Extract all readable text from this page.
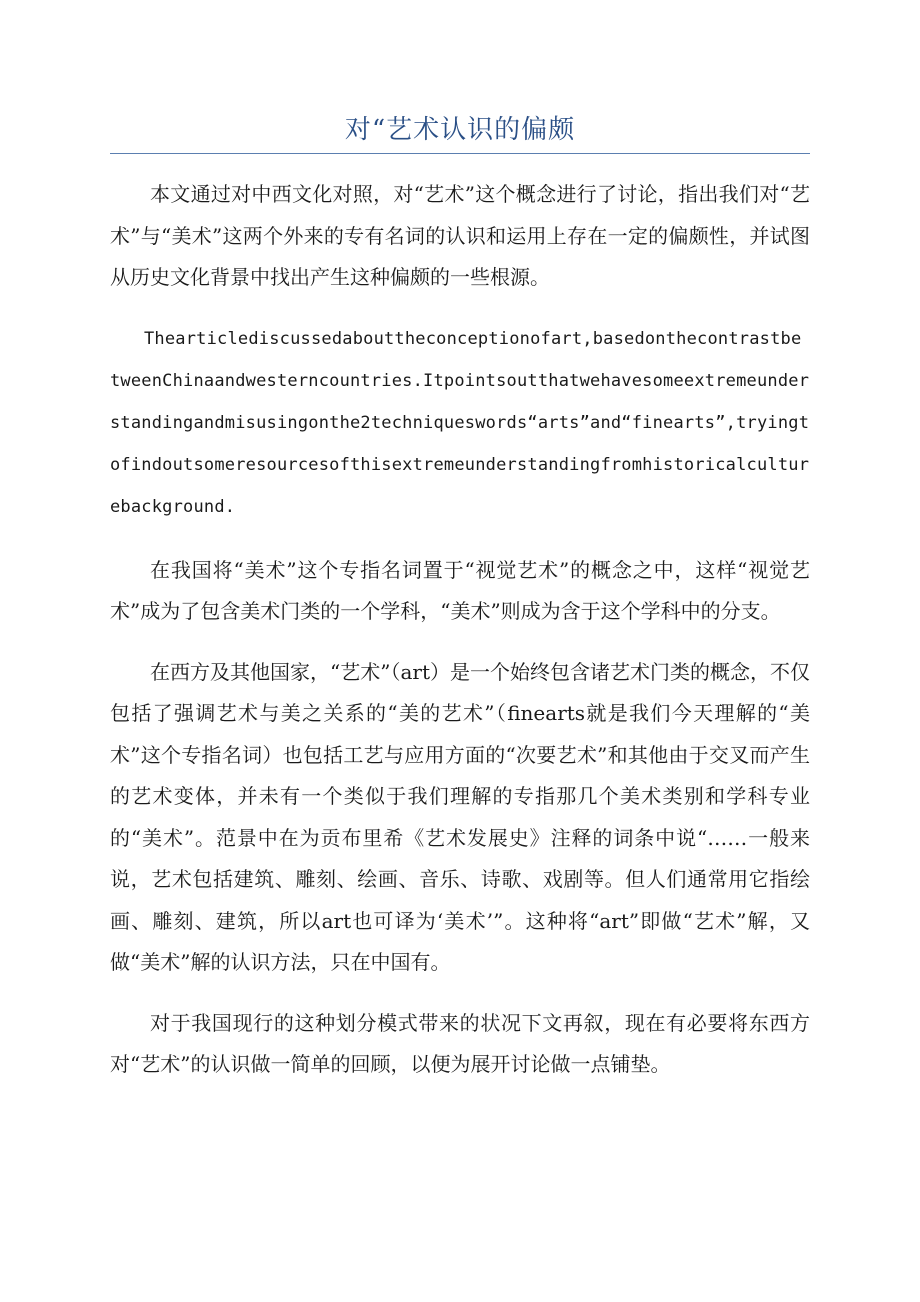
对“艺术认识的偏颇

本文通过对中西文化对照，对“艺术”这个概念进行了讨论，指出我们对“艺术”与“美术”这两个外来的专有名词的认识和运用上存在一定的偏颇性，并试图从历史文化背景中找出产生这种偏颇的一些根源。

Thearticlediscussedabouttheconceptionofart,basedonthecontrastbetweenChinaandwesterncountries.Itpointsoutthatwehavesomeextremeunderstandingandmisusingonthe2techniqueswords“arts”and“finearts”,tryingtofindoutsomeresourcesofthisextremeunderstandingfromhistoricalculturebackground.

在我国将“美术”这个专指名词置于“视觉艺术”的概念之中，这样“视觉艺术”成为了包含美术门类的一个学科，“美术”则成为含于这个学科中的分支。

在西方及其他国家，“艺术”（art）是一个始终包含诸艺术门类的概念，不仅包括了强调艺术与美之关系的“美的艺术”（finearts就是我们今天理解的“美术”这个专指名词）也包括工艺与应用方面的“次要艺术”和其他由于交叉而产生的艺术变体，并未有一个类似于我们理解的专指那几个美术类别和学科专业的“美术”。范景中在为贡布里希《艺术发展史》注释的词条中说“……一般来说，艺术包括建筑、雕刻、绘画、音乐、诗歌、戏剧等。但人们通常用它指绘画、雕刻、建筑，所以art也可译为‘美术’”。这种将“art”即做“艺术”解，又做“美术”解的认识方法，只在中国有。

对于我国现行的这种划分模式带来的状况下文再叙，现在有必要将东西方对“艺术”的认识做一简单的回顾，以便为展开讨论做一点铺垫。
